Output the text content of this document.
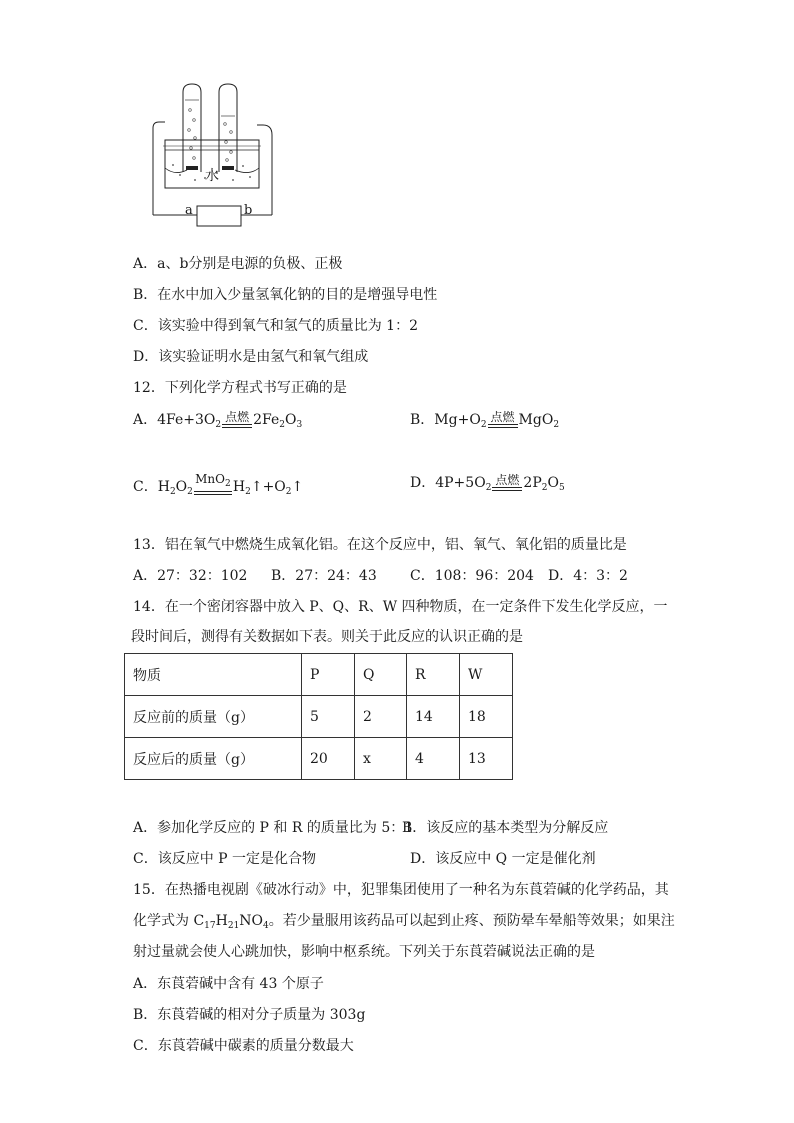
水
a	b
A．a、b分别是电源的负极、正极
B．在水中加入少量氢氧化钠的目的是增强导电性
C．该实验中得到氧气和氢气的质量比为 1：2
D．该实验证明水是由氢气和氧气组成
12．下列化学方程式书写正确的是
A．$4Fe+3O_2$
点燃 $2Fe_2O_3$	B．$Mg+O_2$
点燃 MgO$_2$
C．$H_2O_2$
MnO$_2$ $H_2↑+O_2↑$	D．$4P+5O_2$
点燃 $2P_2O_5$
13．铝在氧气中燃烧生成氧化铝。在这个反应中，铝、氧气、氧化铝的质量比是
A．27：32：102 B．27：24：43 C．108：96：204 D．4：3：2
14．在一个密闭容器中放入 P、Q、R、W 四种物质，在一定条件下发生化学反应，一
段时间后，测得有关数据如下表。则关于此反应的认识正确的是
物质	P	Q	R	W
反应前的质量（g）	5	2	14	18
反应后的质量（g）	20	x	4	13
A．参加化学反应的 P 和 R 的质量比为 5：1
B．该反应的基本类型为分解反应
C．该反应中 P 一定是化合物	D．该反应中 Q 一定是催化剂
15．在热播电视剧《破冰行动》中，犯罪集团使用了一种名为东莨菪碱的化学药品，其
化学式为 $C_{17}H_{21}NO_4$。若少量服用该药品可以起到止疼、预防晕车晕船等效果；如果注
射过量就会使人心跳加快，影响中枢系统。下列关于东莨菪碱说法正确的是
A．东莨菪碱中含有 43 个原子
B．东莨菪碱的相对分子质量为 303g
C．东莨菪碱中碳素的质量分数最大
